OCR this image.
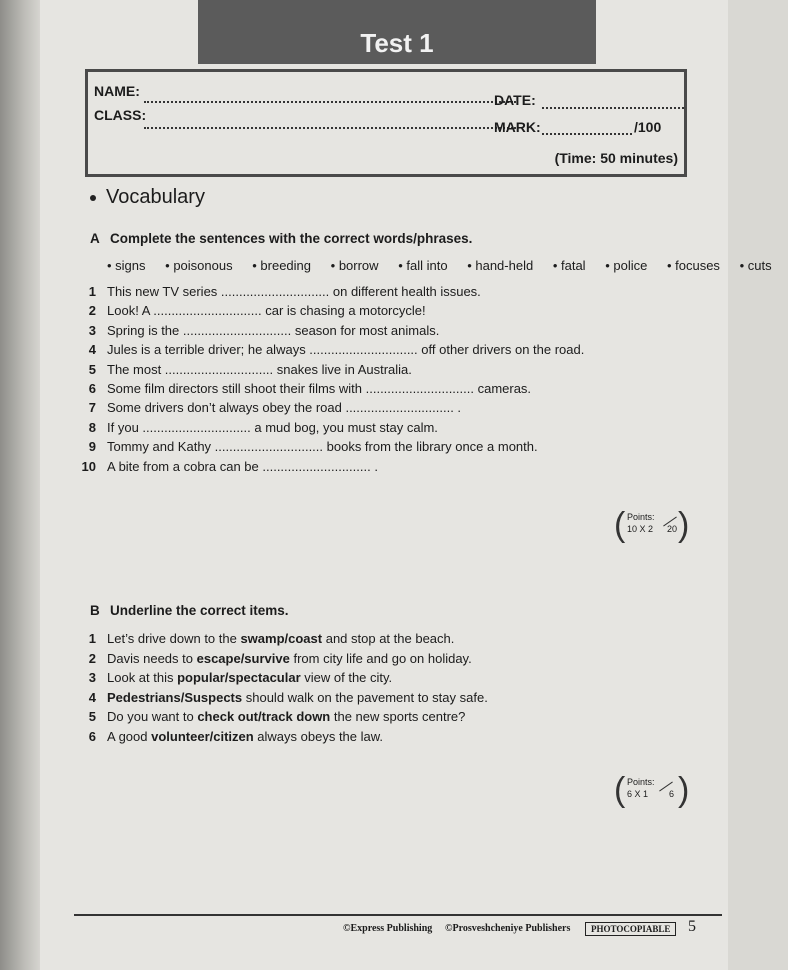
Test 1
NAME:
DATE:
CLASS:
MARK:	/100
(Time: 50 minutes)
Vocabulary
A Complete the sentences with the correct words/phrases.
• signs • poisonous • breeding • borrow • fall into • hand-held • fatal • police • focuses • cuts
1 This new TV series .............................. on different health issues.
2 Look! A .............................. car is chasing a motorcycle!
3 Spring is the .............................. season for most animals.
4 Jules is a terrible driver; he always .............................. off other drivers on the road.
5 The most .............................. snakes live in Australia.
6 Some film directors still shoot their films with .............................. cameras.
7 Some drivers don’t always obey the road .............................. .
8 If you .............................. a mud bog, you must stay calm.
9 Tommy and Kathy .............................. books from the library once a month.
10 A bite from a cobra can be .............................. .
( Points:
10 X 2 20 )
B Underline the correct items.
1 Let’s drive down to the swamp/coast and stop at the beach.
2 Davis needs to escape/survive from city life and go on holiday.
3 Look at this popular/spectacular view of the city.
4 Pedestrians/Suspects should walk on the pavement to stay safe.
5 Do you want to check out/track down the new sports centre?
6 A good volunteer/citizen always obeys the law.
( Points:
6 X 1 6 )
©Express Publishing ©Prosveshcheniye Publishers	PHOTOCOPIABLE	5
